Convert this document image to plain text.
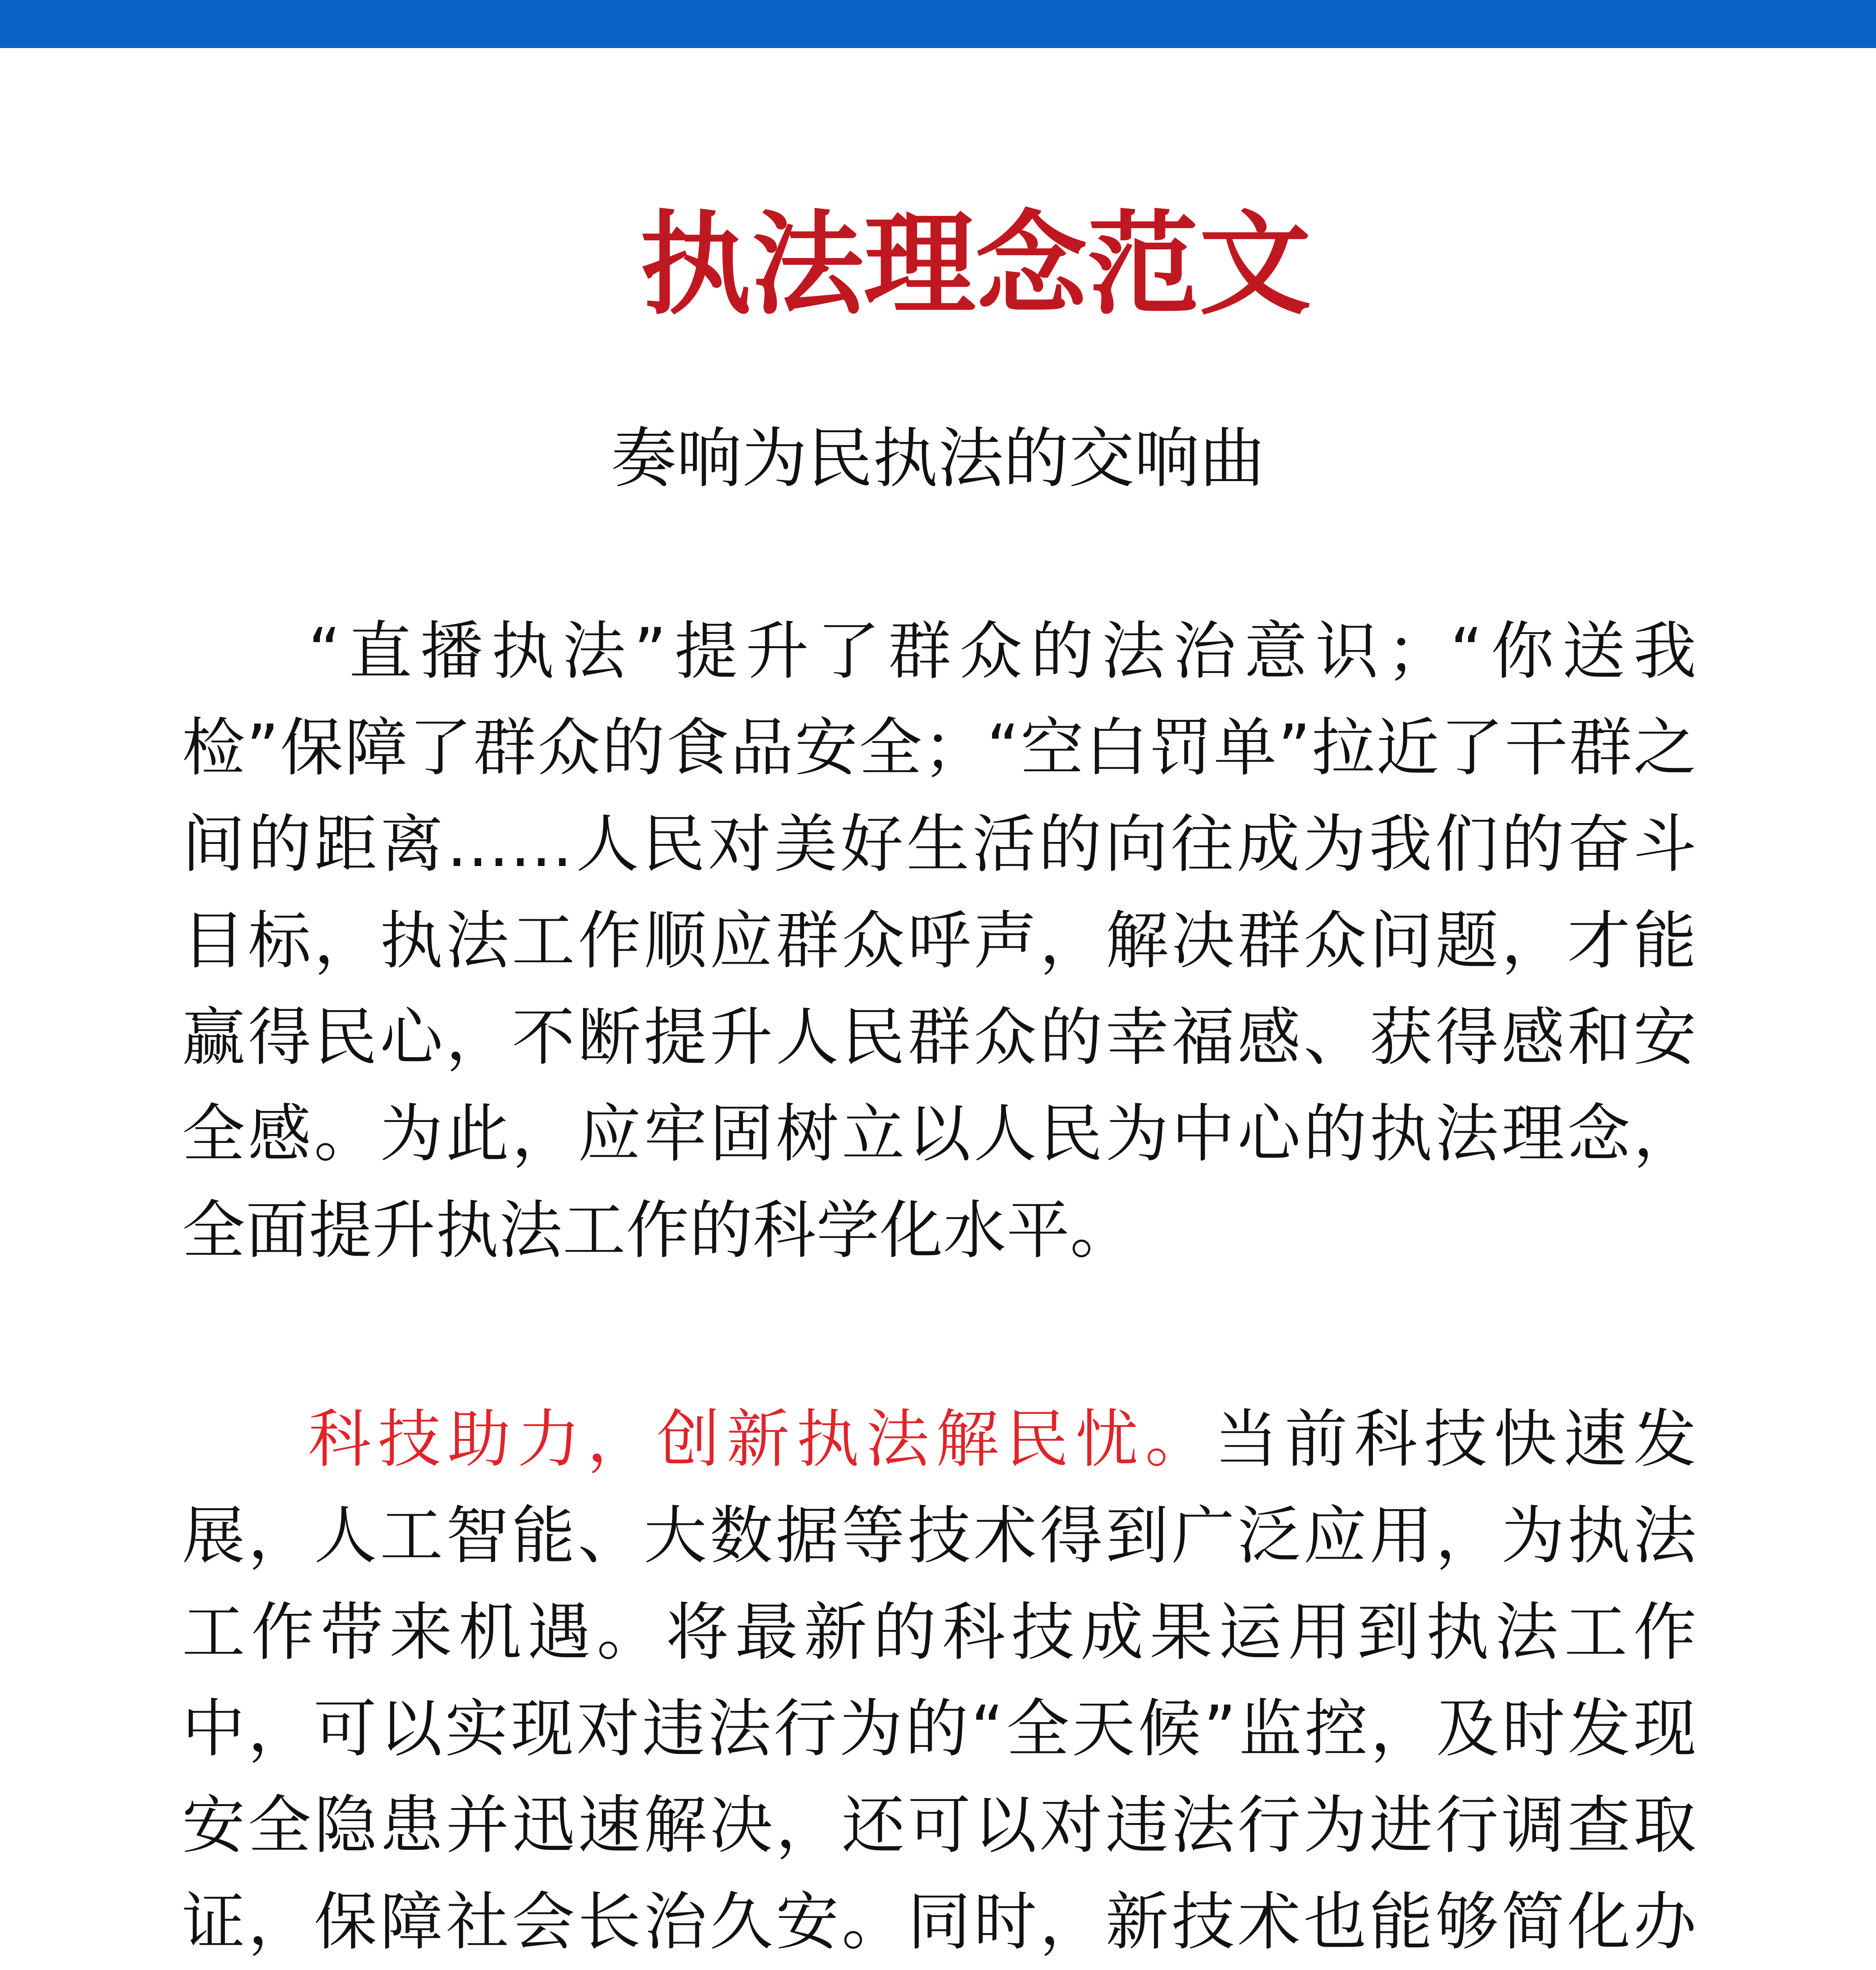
执法理念范文
奏响为民执法的交响曲

“直播执法”提升了群众的法治意识；“你送我检”保障了群众的食品安全；“空白罚单”拉近了干群之间的距离……人民对美好生活的向往成为我们的奋斗目标，执法工作顺应群众呼声，解决群众问题，才能赢得民心，不断提升人民群众的幸福感、获得感和安全感。为此，应牢固树立以人民为中心的执法理念，全面提升执法工作的科学化水平。

科技助力，创新执法解民忧。当前科技快速发展，人工智能、大数据等技术得到广泛应用，为执法工作带来机遇。将最新的科技成果运用到执法工作中，可以实现对违法行为的“全天候”监控，及时发现安全隐患并迅速解决，还可以对违法行为进行调查取证，保障社会长治久安。同时，新技术也能够简化办
